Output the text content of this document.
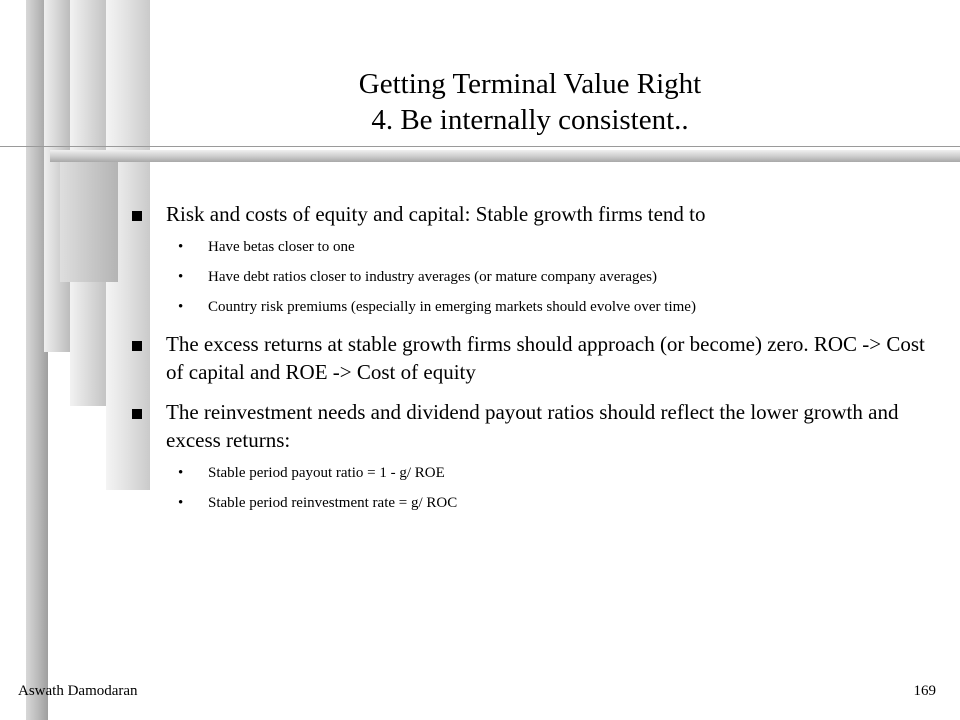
Getting Terminal Value Right
4. Be internally consistent..
Risk and costs of equity and capital: Stable growth firms tend to
• Have betas closer to one
• Have debt ratios closer to industry averages (or mature company averages)
• Country risk premiums (especially in emerging markets should evolve over time)
The excess returns at stable growth firms should approach (or become) zero. ROC -> Cost of capital and ROE -> Cost of equity
The reinvestment needs and dividend payout ratios should reflect the lower growth and excess returns:
• Stable period payout ratio = 1 - g/ ROE
• Stable period reinvestment rate = g/ ROC
Aswath Damodaran	169
